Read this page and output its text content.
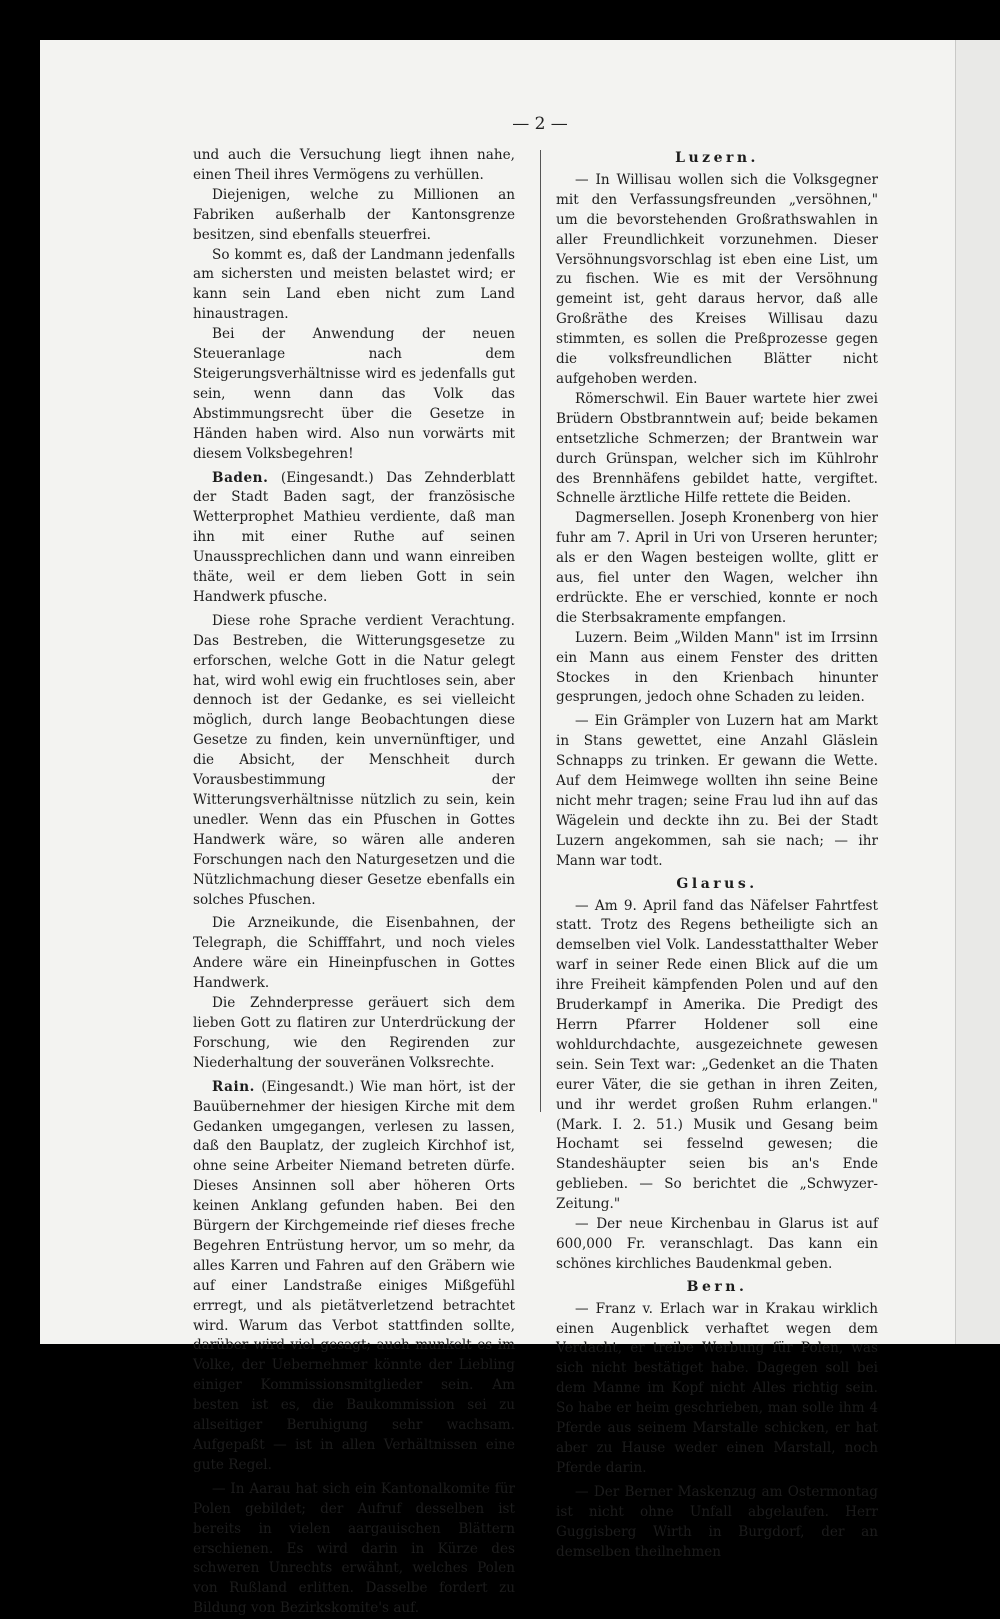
— 2 —

und auch die Versuchung liegt ihnen nahe, einen Theil ihres Vermögens zu verhüllen.

Diejenigen, welche zu Millionen an Fabriken außerhalb der Kantonsgrenze besitzen, sind ebenfalls steuerfrei.

So kommt es, daß der Landmann jedenfalls am sichersten und meisten belastet wird; er kann sein Land eben nicht zum Land hinaustragen.

Bei der Anwendung der neuen Steueranlage nach dem Steigerungsverhältnisse wird es jedenfalls gut sein, wenn dann das Volk das Abstimmungsrecht über die Gesetze in Händen haben wird. Also nun vorwärts mit diesem Volksbegehren!

Baden. (Eingesandt.) Das Zehnderblatt der Stadt Baden sagt, der französische Wetterprophet Mathieu verdiente, daß man ihn mit einer Ruthe auf seinen Unaussprechlichen dann und wann einreiben thäte, weil er dem lieben Gott in sein Handwerk pfusche.

Diese rohe Sprache verdient Verachtung. Das Bestreben, die Witterungsgesetze zu erforschen, welche Gott in die Natur gelegt hat, wird wohl ewig ein fruchtloses sein, aber dennoch ist der Gedanke, es sei vielleicht möglich, durch lange Beobachtungen diese Gesetze zu finden, kein unvernünftiger, und die Absicht, der Menschheit durch Vorausbestimmung der Witterungsverhältnisse nützlich zu sein, kein unedler. Wenn das ein Pfuschen in Gottes Handwerk wäre, so wären alle anderen Forschungen nach den Naturgesetzen und die Nützlichmachung dieser Gesetze ebenfalls ein solches Pfuschen.

Die Arzneikunde, die Eisenbahnen, der Telegraph, die Schifffahrt, und noch vieles Andere wäre ein Hineinpfuschen in Gottes Handwerk.

Die Zehnderpresse geräuert sich dem lieben Gott zu flatiren zur Unterdrückung der Forschung, wie den Regirenden zur Niederhaltung der souveränen Volksrechte.

Rain. (Eingesandt.) Wie man hört, ist der Bauübernehmer der hiesigen Kirche mit dem Gedanken umgegangen, verlesen zu lassen, daß den Bauplatz, der zugleich Kirchhof ist, ohne seine Arbeiter Niemand betreten dürfe. Dieses Ansinnen soll aber höheren Orts keinen Anklang gefunden haben. Bei den Bürgern der Kirchgemeinde rief dieses freche Begehren Entrüstung hervor, um so mehr, da alles Karren und Fahren auf den Gräbern wie auf einer Landstraße einiges Mißgefühl errregt, und als pietätverletzend betrachtet wird. Warum das Verbot stattfinden sollte, darüber wird viel gesagt; auch munkelt es im Volke, der Uebernehmer könnte der Liebling einiger Kommissionsmitglieder sein. Am besten ist es, die Baukommission sei zu allseitiger Beruhigung sehr wachsam. Aufgepaßt — ist in allen Verhältnissen eine gute Regel.

— In Aarau hat sich ein Kantonalkomite für Polen gebildet; der Aufruf desselben ist bereits in vielen aargauischen Blättern erschienen. Es wird darin in Kürze des schweren Unrechts erwähnt, welches Polen von Rußland erlitten. Dasselbe fordert zu Bildung von Bezirkskomite's auf.

Luzern.

— In Willisau wollen sich die Volksgegner mit den Verfassungsfreunden „versöhnen," um die bevorstehenden Großrathswahlen in aller Freundlichkeit vorzunehmen. Dieser Versöhnungsvorschlag ist eben eine List, um zu fischen. Wie es mit der Versöhnung gemeint ist, geht daraus hervor, daß alle Großräthe des Kreises Willisau dazu stimmten, es sollen die Preßprozesse gegen die volksfreundlichen Blätter nicht aufgehoben werden.

Römerschwil. Ein Bauer wartete hier zwei Brüdern Obstbranntwein auf; beide bekamen entsetzliche Schmerzen; der Brantwein war durch Grünspan, welcher sich im Kühlrohr des Brennhäfens gebildet hatte, vergiftet. Schnelle ärztliche Hilfe rettete die Beiden.

Dagmersellen. Joseph Kronenberg von hier fuhr am 7. April in Uri von Urseren herunter; als er den Wagen besteigen wollte, glitt er aus, fiel unter den Wagen, welcher ihn erdrückte. Ehe er verschied, konnte er noch die Sterbsakramente empfangen.

Luzern. Beim „Wilden Mann" ist im Irrsinn ein Mann aus einem Fenster des dritten Stockes in den Krienbach hinunter gesprungen, jedoch ohne Schaden zu leiden.

— Ein Grämpler von Luzern hat am Markt in Stans gewettet, eine Anzahl Gläslein Schnapps zu trinken. Er gewann die Wette. Auf dem Heimwege wollten ihn seine Beine nicht mehr tragen; seine Frau lud ihn auf das Wägelein und deckte ihn zu. Bei der Stadt Luzern angekommen, sah sie nach; — ihr Mann war todt.

Glarus.

— Am 9. April fand das Näfelser Fahrtfest statt. Trotz des Regens betheiligte sich an demselben viel Volk. Landesstatthalter Weber warf in seiner Rede einen Blick auf die um ihre Freiheit kämpfenden Polen und auf den Bruderkampf in Amerika. Die Predigt des Herrn Pfarrer Holdener soll eine wohldurchdachte, ausgezeichnete gewesen sein. Sein Text war: „Gedenket an die Thaten eurer Väter, die sie gethan in ihren Zeiten, und ihr werdet großen Ruhm erlangen." (Mark. I. 2. 51.) Musik und Gesang beim Hochamt sei fesselnd gewesen; die Standeshäupter seien bis an's Ende geblieben. — So berichtet die „Schwyzer-Zeitung."

— Der neue Kirchenbau in Glarus ist auf 600,000 Fr. veranschlagt. Das kann ein schönes kirchliches Baudenkmal geben.

Bern.

— Franz v. Erlach war in Krakau wirklich einen Augenblick verhaftet wegen dem Verdacht, er treibe Werbung für Polen, was sich nicht bestätiget habe. Dagegen soll bei dem Manne im Kopf nicht Alles richtig sein. So habe er heim geschrieben, man solle ihm 4 Pferde aus seinem Marstalle schicken, er hat aber zu Hause weder einen Marstall, noch Pferde darin.

— Der Berner Maskenzug am Ostermontag ist nicht ohne Unfall abgelaufen. Herr Guggisberg Wirth in Burgdorf, der an demselben theilnehmen
